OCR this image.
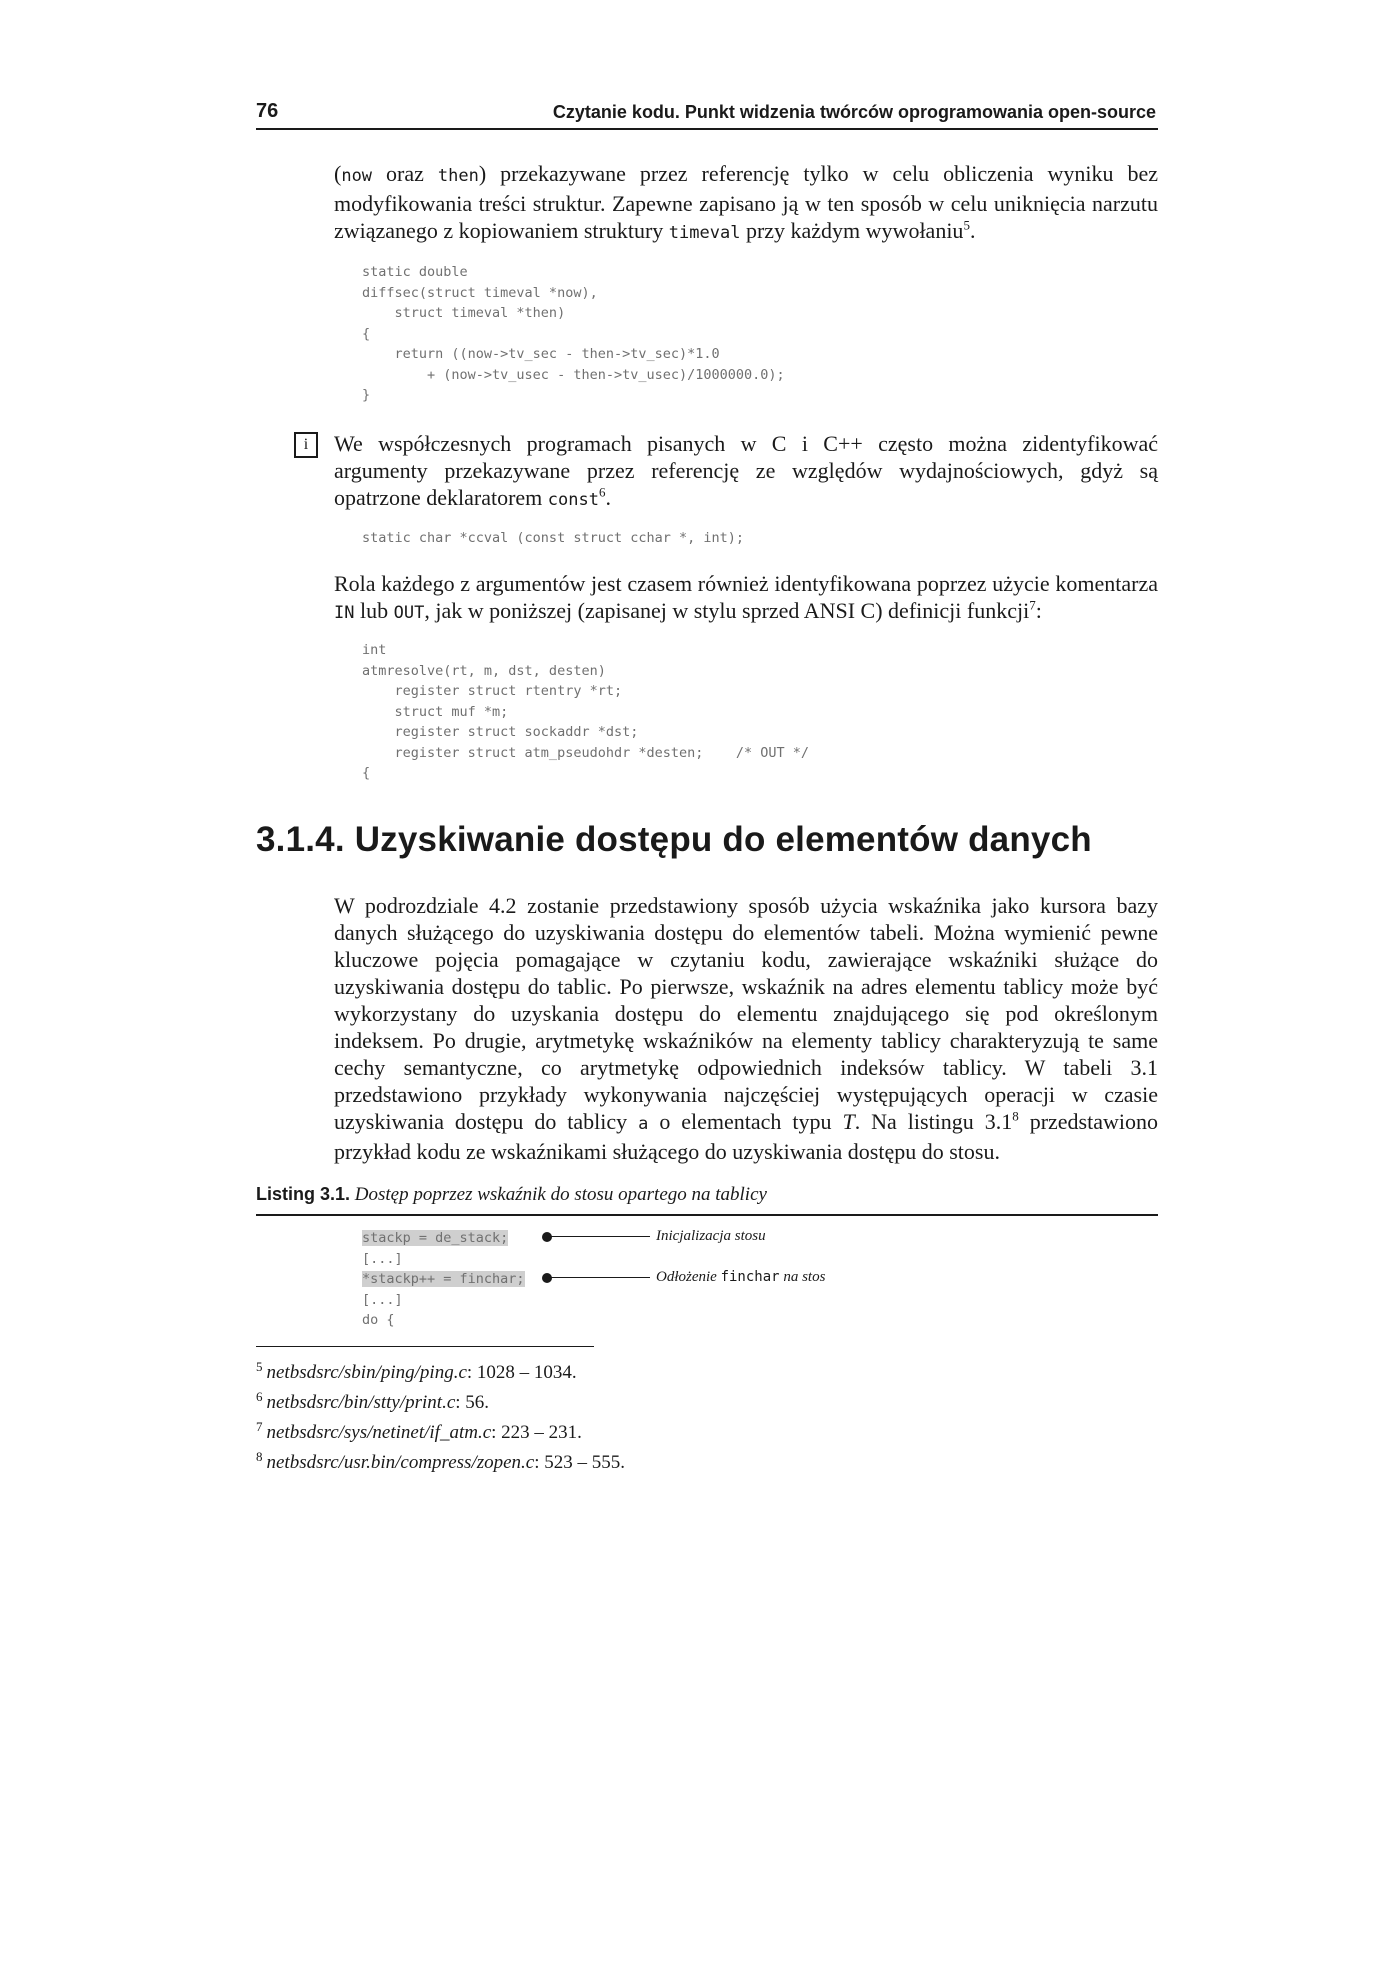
76	Czytanie kodu. Punkt widzenia twórców oprogramowania open-source

(now oraz then) przekazywane przez referencję tylko w celu obliczenia wyniku bez modyfikowania treści struktur. Zapewne zapisano ją w ten sposób w celu uniknięcia narzutu związanego z kopiowaniem struktury timeval przy każdym wywołaniu$^5$.

static double
diffsec(struct timeval *now),
struct timeval *then)
{
return ((now->tv_sec - then->tv_sec)*1.0
+ (now->tv_usec - then->tv_usec)/1000000.0);
}
i	We współczesnych programach pisanych w C i C++ często można zidentyfikować argumenty przekazywane przez referencję ze względów wydajnościowych, gdyż są opatrzone deklaratorem const$^6$.

static char *ccval (const struct cchar *, int);

Rola każdego z argumentów jest czasem również identyfikowana poprzez użycie komentarza IN lub OUT, jak w poniższej (zapisanej w stylu sprzed ANSI C) definicji funkcji$^7$:

int
atmresolve(rt, m, dst, desten)
register struct rtentry *rt;
struct muf *m;
register struct sockaddr *dst;
register struct atm_pseudohdr *desten;    /* OUT */
{
3.1.4. Uzyskiwanie dostępu do elementów danych

W podrozdziale 4.2 zostanie przedstawiony sposób użycia wskaźnika jako kursora bazy danych służącego do uzyskiwania dostępu do elementów tabeli. Można wymienić pewne kluczowe pojęcia pomagające w czytaniu kodu, zawierające wskaźniki służące do uzyskiwania dostępu do tablic. Po pierwsze, wskaźnik na adres elementu tablicy może być wykorzystany do uzyskania dostępu do elementu znajdującego się pod określonym indeksem. Po drugie, arytmetykę wskaźników na elementy tablicy charakteryzują te same cechy semantyczne, co arytmetykę odpowiednich indeksów tablicy. W tabeli 3.1 przedstawiono przykłady wykonywania najczęściej występujących operacji w czasie uzyskiwania dostępu do tablicy a o elementach typu T. Na listingu $3.1^8$ przedstawiono przykład kodu ze wskaźnikami służącego do uzyskiwania dostępu do stosu.

Listing 3.1. Dostęp poprzez wskaźnik do stosu opartego na tablicy
stackp = de_stack;
[...]
*stackp++ = finchar;
[...]
do {
Inicjalizacja stosu
Odłożenie finchar na stos
$^5$ netbsdsrc/sbin/ping/ping.c: 1028 – 1034.
$^6$ netbsdsrc/bin/stty/print.c: 56.
$^7$ netbsdsrc/sys/netinet/if_atm.c: 223 – 231.
$^8$ netbsdsrc/usr.bin/compress/zopen.c: 523 – 555.
